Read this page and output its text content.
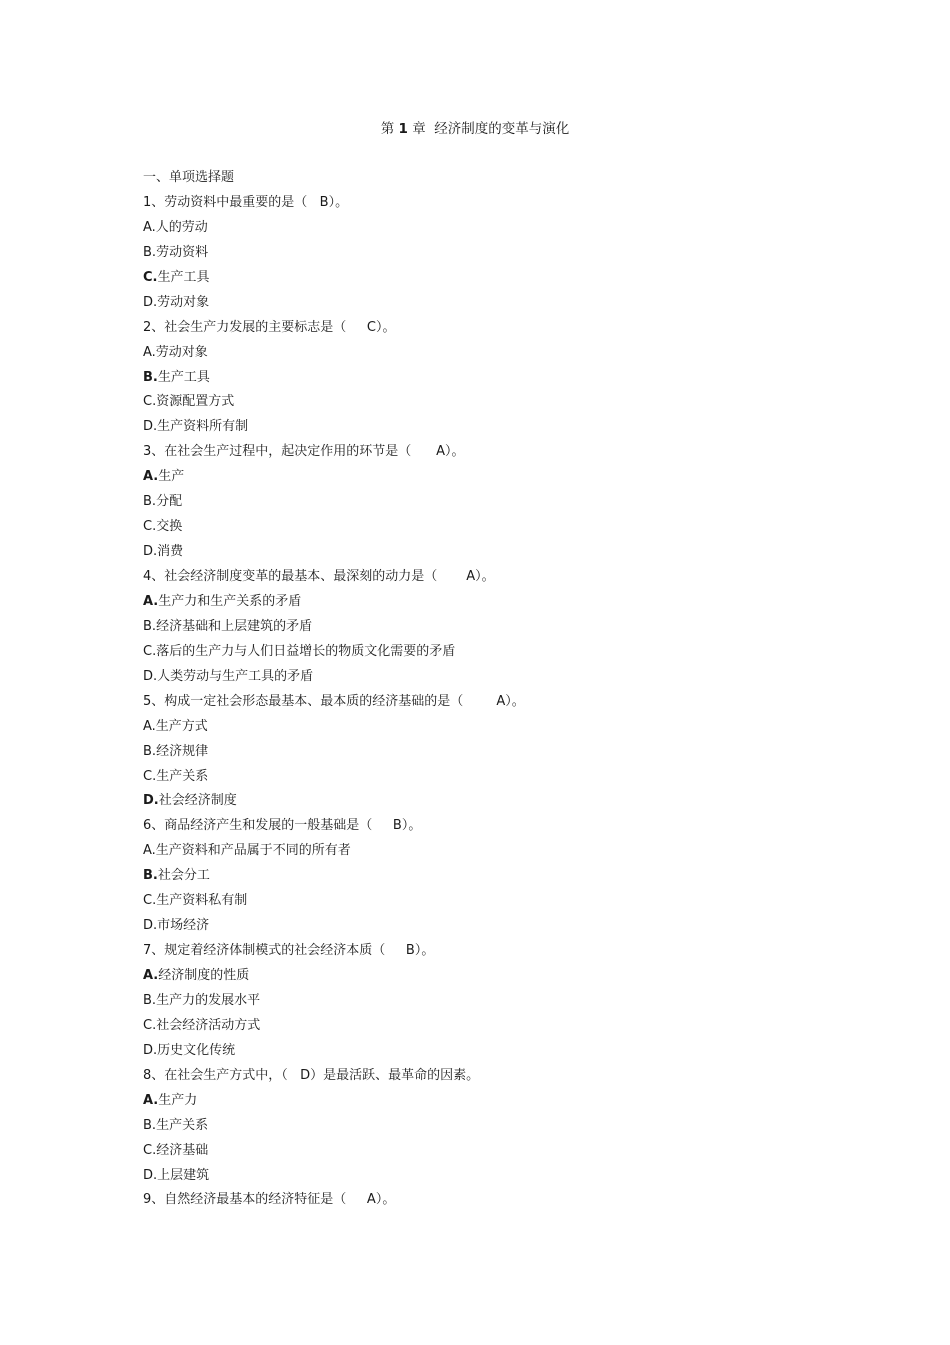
第 1 章  经济制度的变革与演化
一、单项选择题
1、劳动资料中最重要的是（   B）。
A.人的劳动
B.劳动资料
C.生产工具
D.劳动对象
2、社会生产力发展的主要标志是（     C）。
A.劳动对象
B.生产工具
C.资源配置方式
D.生产资料所有制
3、在社会生产过程中，起决定作用的环节是（      A）。
A.生产
B.分配
C.交换
D.消费
4、社会经济制度变革的最基本、最深刻的动力是（       A）。
A.生产力和生产关系的矛盾
B.经济基础和上层建筑的矛盾
C.落后的生产力与人们日益增长的物质文化需要的矛盾
D.人类劳动与生产工具的矛盾
5、构成一定社会形态最基本、最本质的经济基础的是（        A）。
A.生产方式
B.经济规律
C.生产关系
D.社会经济制度
6、商品经济产生和发展的一般基础是（     B）。
A.生产资料和产品属于不同的所有者
B.社会分工
C.生产资料私有制
D.市场经济
7、规定着经济体制模式的社会经济本质（     B）。
A.经济制度的性质
B.生产力的发展水平
C.社会经济活动方式
D.历史文化传统
8、在社会生产方式中，（   D）是最活跃、最革命的因素。
A.生产力
B.生产关系
C.经济基础
D.上层建筑
9、自然经济最基本的经济特征是（     A）。
